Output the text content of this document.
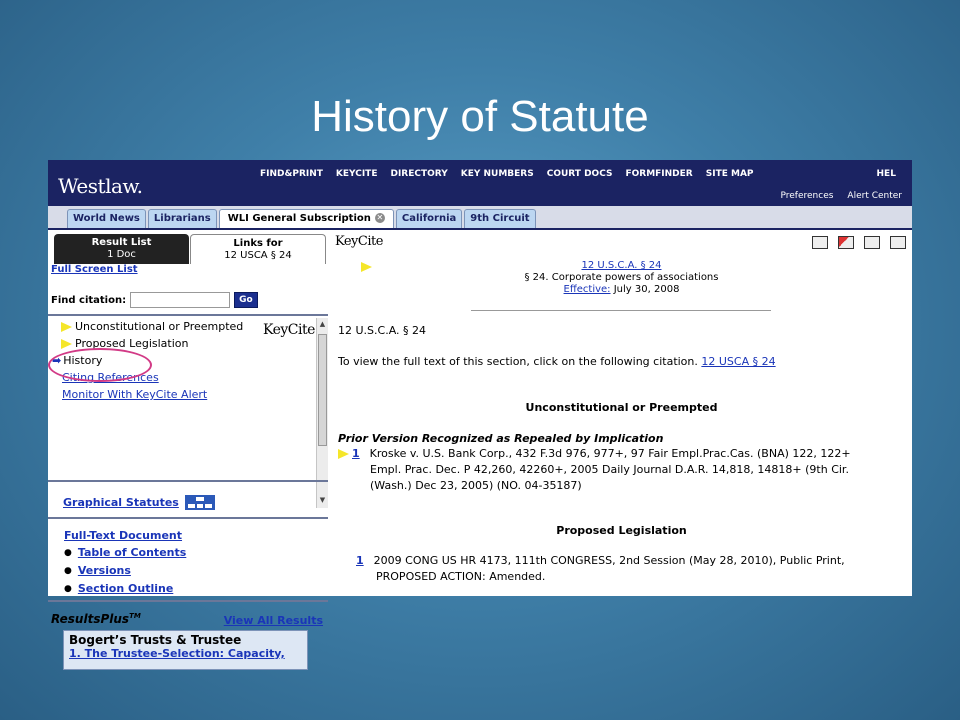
History of Statute
Westlaw.	FIND&PRINT KEYCITE DIRECTORY KEY NUMBERS COURT DOCS FORMFINDER SITE MAP	HEL
Preferences Alert Center
World News	Librarians	WLI General Subscription ✕	California	9th Circuit
Result List
1 Doc
Links for
12 USCA § 24
Full Screen List
Find citation:	Go
Unconstitutional or Preempted
Proposed Legislation
➡ History
Citing References
Monitor With KeyCite Alert
KeyCite ▲
▼
Graphical Statutes
Full-Text Document
● Table of Contents
● Versions
● Section Outline
ResultsPlus™	View All Results
Bogert’s Trusts & Trustee
1. The Trustee-Selection: Capacity,
KeyCite
12 U.S.C.A. § 24
§ 24. Corporate powers of associations
Effective: July 30, 2008
12 U.S.C.A. § 24
To view the full text of this section, click on the following citation. 12 USCA § 24
Unconstitutional or Preempted
Prior Version Recognized as Repealed by Implication
1 Kroske v. U.S. Bank Corp., 432 F.3d 976, 977+, 97 Fair Empl.Prac.Cas. (BNA) 122, 122+
Empl. Prac. Dec. P 42,260, 42260+, 2005 Daily Journal D.A.R. 14,818, 14818+ (9th Cir.
(Wash.) Dec 23, 2005) (NO. 04-35187)
Proposed Legislation
1 2009 CONG US HR 4173, 111th CONGRESS, 2nd Session (May 28, 2010), Public Print,
PROPOSED ACTION: Amended.
